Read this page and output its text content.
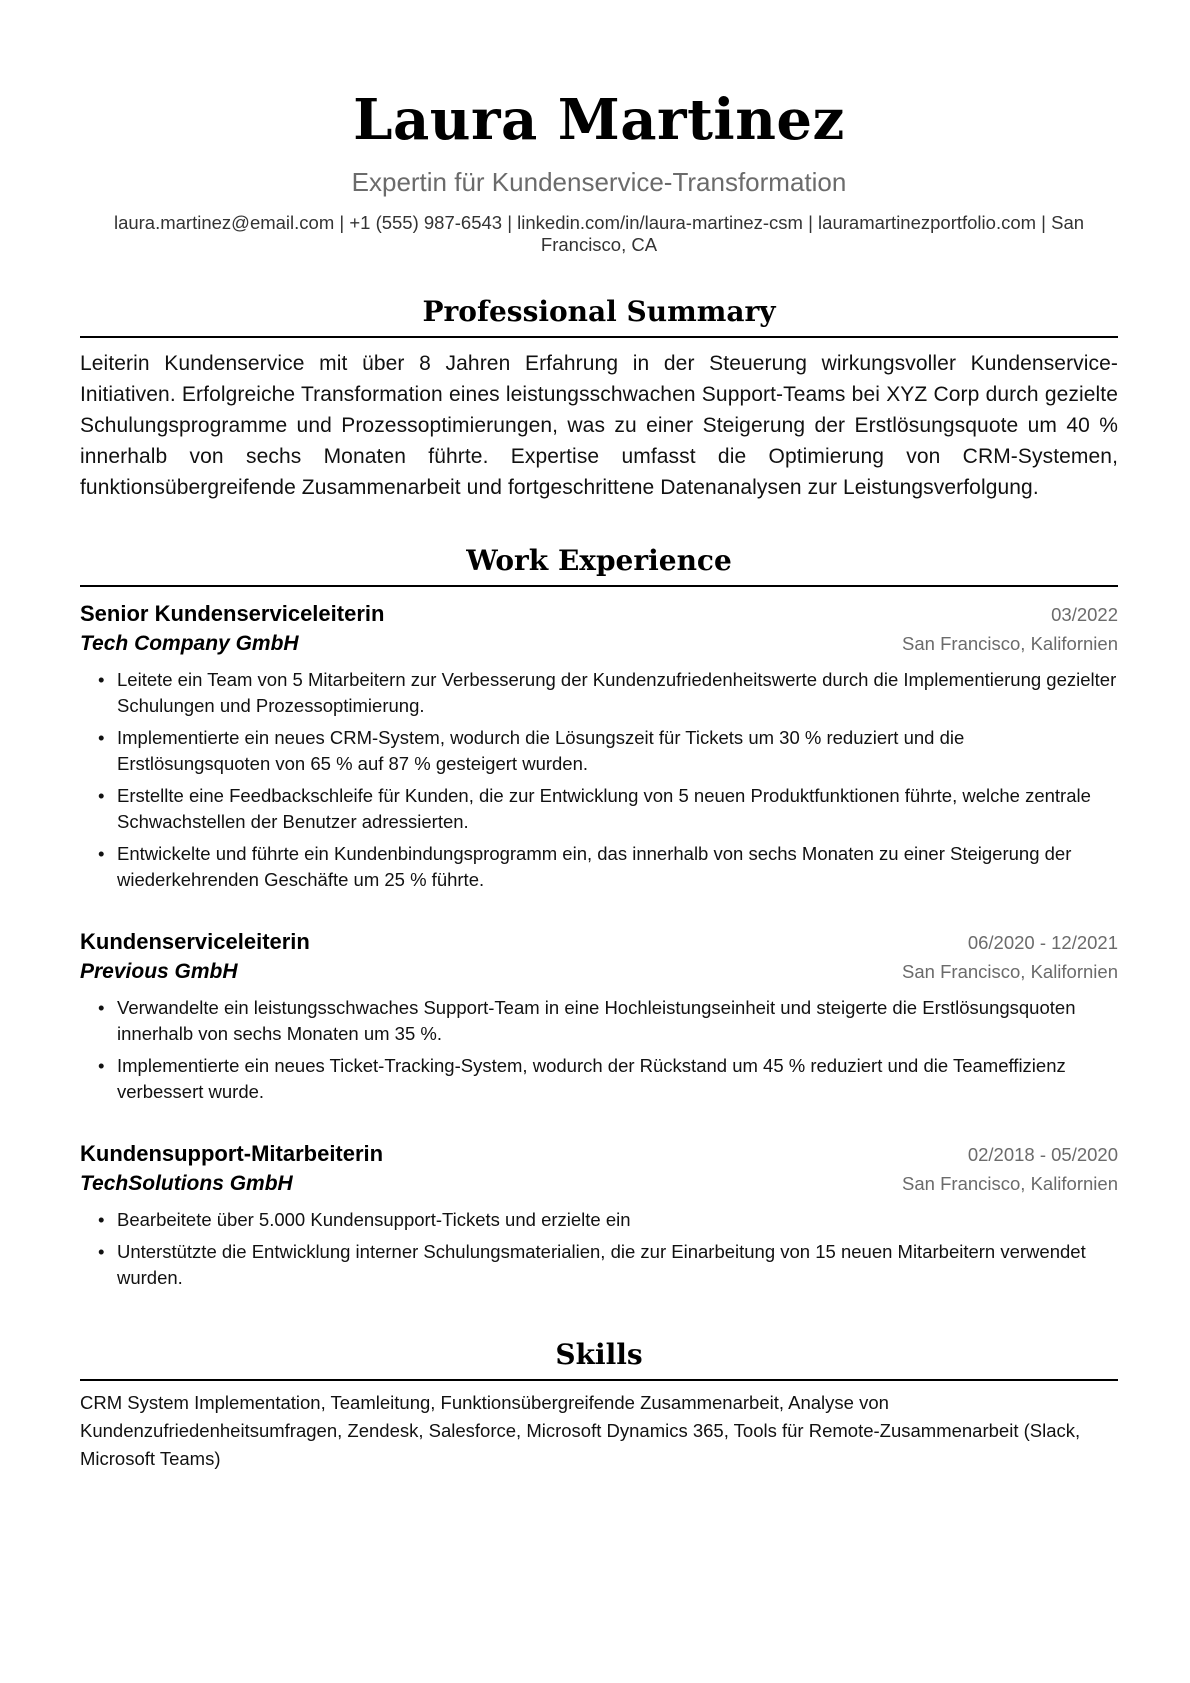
Laura Martinez
Expertin für Kundenservice-Transformation
laura.martinez@email.com | +1 (555) 987-6543 | linkedin.com/in/laura-martinez-csm | lauramartinezportfolio.com | San Francisco, CA
Professional Summary
Leiterin Kundenservice mit über 8 Jahren Erfahrung in der Steuerung wirkungsvoller Kundenservice-Initiativen. Erfolgreiche Transformation eines leistungsschwachen Support-Teams bei XYZ Corp durch gezielte Schulungsprogramme und Prozessoptimierungen, was zu einer Steigerung der Erstlösungsquote um 40 % innerhalb von sechs Monaten führte. Expertise umfasst die Optimierung von CRM-Systemen, funktionsübergreifende Zusammenarbeit und fortgeschrittene Datenanalysen zur Leistungsverfolgung.
Work Experience
Senior Kundenserviceleiterin	03/2022
Tech Company GmbH	San Francisco, Kalifornien
• Leitete ein Team von 5 Mitarbeitern zur Verbesserung der Kundenzufriedenheitswerte durch die Implementierung gezielter Schulungen und Prozessoptimierung.
• Implementierte ein neues CRM-System, wodurch die Lösungszeit für Tickets um 30 % reduziert und die Erstlösungsquoten von 65 % auf 87 % gesteigert wurden.
• Erstellte eine Feedbackschleife für Kunden, die zur Entwicklung von 5 neuen Produktfunktionen führte, welche zentrale Schwachstellen der Benutzer adressierten.
• Entwickelte und führte ein Kundenbindungsprogramm ein, das innerhalb von sechs Monaten zu einer Steigerung der wiederkehrenden Geschäfte um 25 % führte.
Kundenserviceleiterin	06/2020 - 12/2021
Previous GmbH	San Francisco, Kalifornien
• Verwandelte ein leistungsschwaches Support-Team in eine Hochleistungseinheit und steigerte die Erstlösungsquoten innerhalb von sechs Monaten um 35 %.
• Implementierte ein neues Ticket-Tracking-System, wodurch der Rückstand um 45 % reduziert und die Teameffizienz verbessert wurde.
Kundensupport-Mitarbeiterin	02/2018 - 05/2020
TechSolutions GmbH	San Francisco, Kalifornien
• Bearbeitete über 5.000 Kundensupport-Tickets und erzielte ein
• Unterstützte die Entwicklung interner Schulungsmaterialien, die zur Einarbeitung von 15 neuen Mitarbeitern verwendet wurden.
Skills
CRM System Implementation, Teamleitung, Funktionsübergreifende Zusammenarbeit, Analyse von Kundenzufriedenheitsumfragen, Zendesk, Salesforce, Microsoft Dynamics 365, Tools für Remote-Zusammenarbeit (Slack, Microsoft Teams)
